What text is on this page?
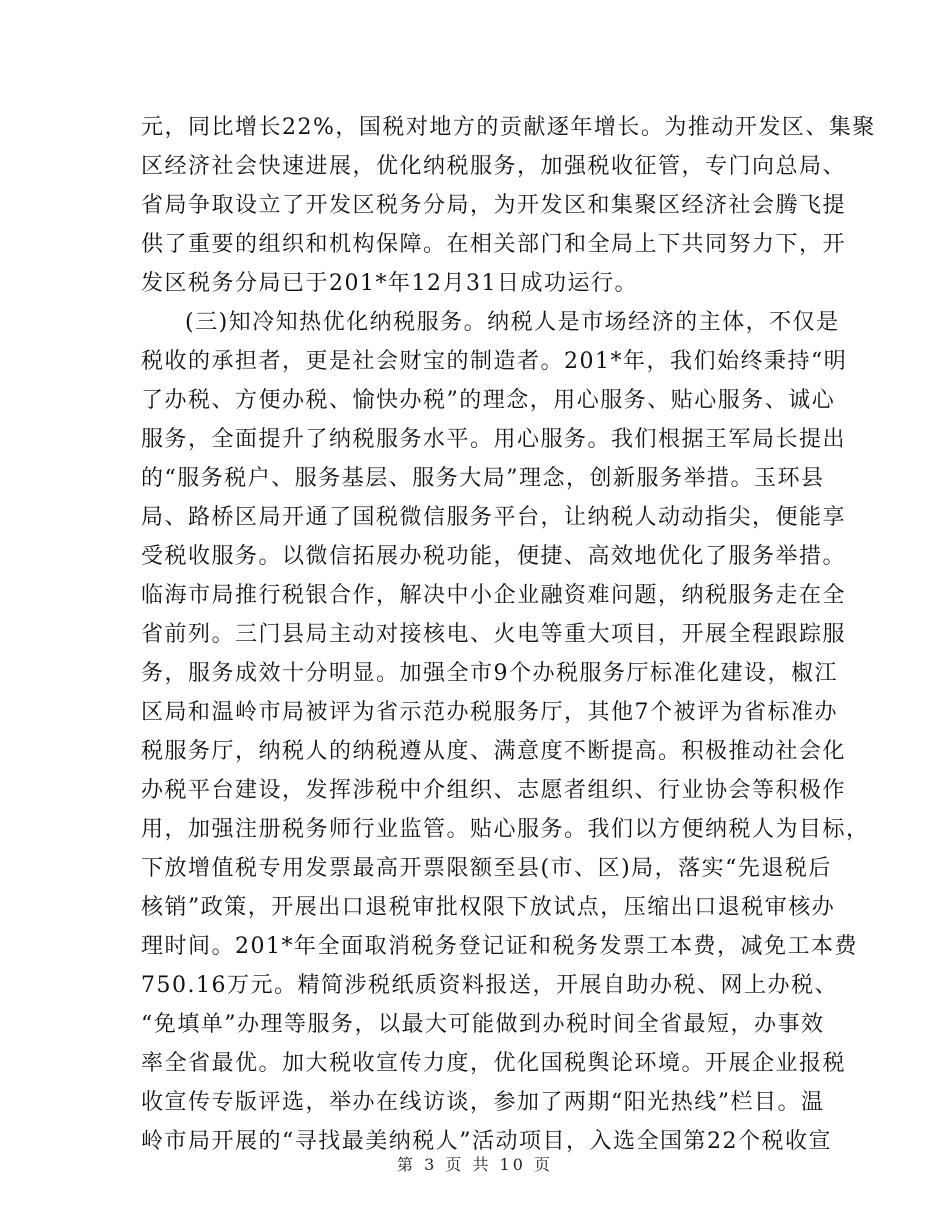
元，同比增长22%，国税对地方的贡献逐年增长。为推动开发区、集聚
区经济社会快速进展，优化纳税服务，加强税收征管，专门向总局、
省局争取设立了开发区税务分局，为开发区和集聚区经济社会腾飞提
供了重要的组织和机构保障。在相关部门和全局上下共同努力下，开
发区税务分局已于201*年12月31日成功运行。
(三)知冷知热优化纳税服务。纳税人是市场经济的主体，不仅是
税收的承担者，更是社会财宝的制造者。201*年，我们始终秉持“明
了办税、方便办税、愉快办税”的理念，用心服务、贴心服务、诚心
服务，全面提升了纳税服务水平。用心服务。我们根据王军局长提出
的“服务税户、服务基层、服务大局”理念，创新服务举措。玉环县
局、路桥区局开通了国税微信服务平台，让纳税人动动指尖，便能享
受税收服务。以微信拓展办税功能，便捷、高效地优化了服务举措。
临海市局推行税银合作，解决中小企业融资难问题，纳税服务走在全
省前列。三门县局主动对接核电、火电等重大项目，开展全程跟踪服
务，服务成效十分明显。加强全市9个办税服务厅标准化建设，椒江
区局和温岭市局被评为省示范办税服务厅，其他7个被评为省标准办
税服务厅，纳税人的纳税遵从度、满意度不断提高。积极推动社会化
办税平台建设，发挥涉税中介组织、志愿者组织、行业协会等积极作
用，加强注册税务师行业监管。贴心服务。我们以方便纳税人为目标，
下放增值税专用发票最高开票限额至县(市、区)局，落实“先退税后
核销”政策，开展出口退税审批权限下放试点，压缩出口退税审核办
理时间。201*年全面取消税务登记证和税务发票工本费，减免工本费
750.16万元。精简涉税纸质资料报送，开展自助办税、网上办税、
“免填单”办理等服务，以最大可能做到办税时间全省最短，办事效
率全省最优。加大税收宣传力度，优化国税舆论环境。开展企业报税
收宣传专版评选，举办在线访谈，参加了两期“阳光热线”栏目。温
岭市局开展的“寻找最美纳税人”活动项目，入选全国第22个税收宣
第 3 页 共 10 页
